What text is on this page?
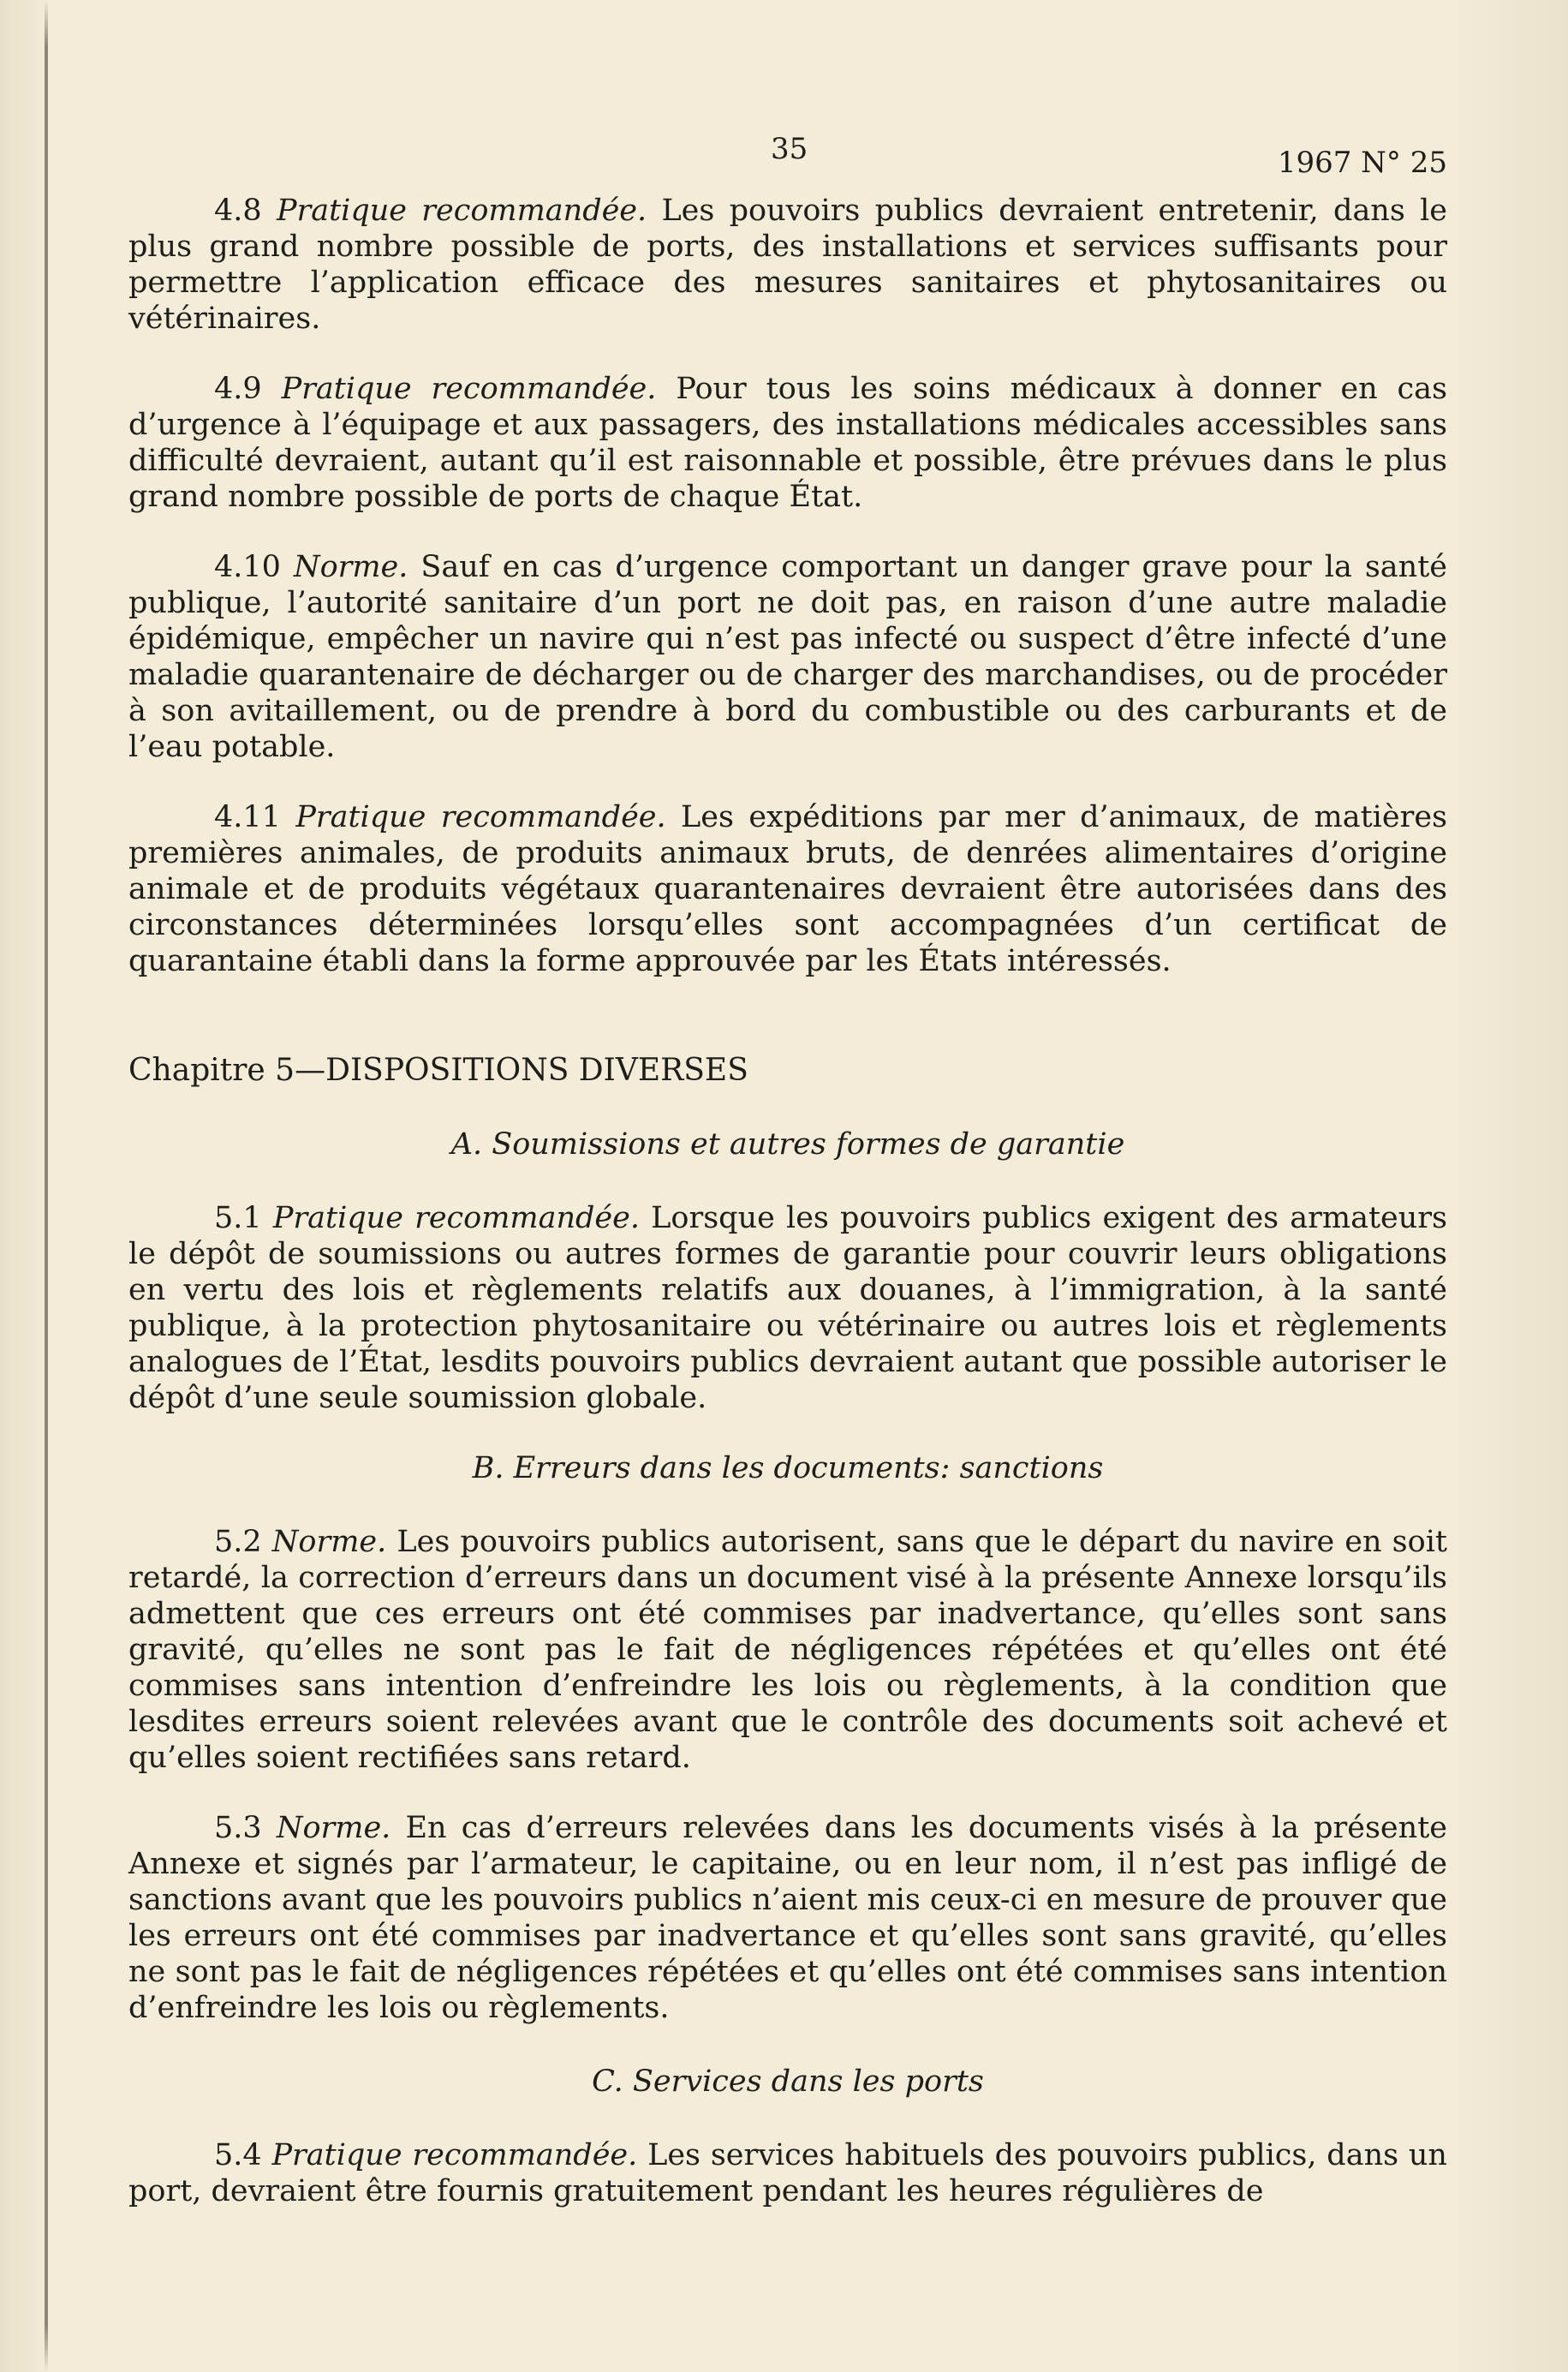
35	1967 N° 25

4.8 Pratique recommandée. Les pouvoirs publics devraient entretenir, dans le plus grand nombre possible de ports, des installations et services suffisants pour permettre l’application efficace des mesures sanitaires et phytosanitaires ou vétérinaires.

4.9 Pratique recommandée. Pour tous les soins médicaux à donner en cas d’urgence à l’équipage et aux passagers, des installations médicales accessibles sans difficulté devraient, autant qu’il est raisonnable et possible, être prévues dans le plus grand nombre possible de ports de chaque État.

4.10 Norme. Sauf en cas d’urgence comportant un danger grave pour la santé publique, l’autorité sanitaire d’un port ne doit pas, en raison d’une autre maladie épidémique, empêcher un navire qui n’est pas infecté ou suspect d’être infecté d’une maladie quarantenaire de décharger ou de charger des marchandises, ou de procéder à son avitaillement, ou de prendre à bord du combustible ou des carburants et de l’eau potable.

4.11 Pratique recommandée. Les expéditions par mer d’animaux, de matières premières animales, de produits animaux bruts, de denrées alimentaires d’origine animale et de produits végétaux quarantenaires devraient être autorisées dans des circonstances déterminées lorsqu’elles sont accompagnées d’un certificat de quarantaine établi dans la forme approuvée par les États intéressés.

Chapitre 5—DISPOSITIONS DIVERSES
A. Soumissions et autres formes de garantie

5.1 Pratique recommandée. Lorsque les pouvoirs publics exigent des armateurs le dépôt de soumissions ou autres formes de garantie pour couvrir leurs obligations en vertu des lois et règlements relatifs aux douanes, à l’immigration, à la santé publique, à la protection phytosanitaire ou vétérinaire ou autres lois et règlements analogues de l’État, lesdits pouvoirs publics devraient autant que possible autoriser le dépôt d’une seule soumission globale.

B. Erreurs dans les documents: sanctions

5.2 Norme. Les pouvoirs publics autorisent, sans que le départ du navire en soit retardé, la correction d’erreurs dans un document visé à la présente Annexe lorsqu’ils admettent que ces erreurs ont été commises par inadvertance, qu’elles sont sans gravité, qu’elles ne sont pas le fait de négligences répétées et qu’elles ont été commises sans intention d’enfreindre les lois ou règlements, à la condition que lesdites erreurs soient relevées avant que le contrôle des documents soit achevé et qu’elles soient rectifiées sans retard.

5.3 Norme. En cas d’erreurs relevées dans les documents visés à la présente Annexe et signés par l’armateur, le capitaine, ou en leur nom, il n’est pas infligé de sanctions avant que les pouvoirs publics n’aient mis ceux-ci en mesure de prouver que les erreurs ont été commises par inadvertance et qu’elles sont sans gravité, qu’elles ne sont pas le fait de négligences répétées et qu’elles ont été commises sans intention d’enfreindre les lois ou règlements.

C. Services dans les ports

5.4 Pratique recommandée. Les services habituels des pouvoirs publics, dans un port, devraient être fournis gratuitement pendant les heures régulières de
